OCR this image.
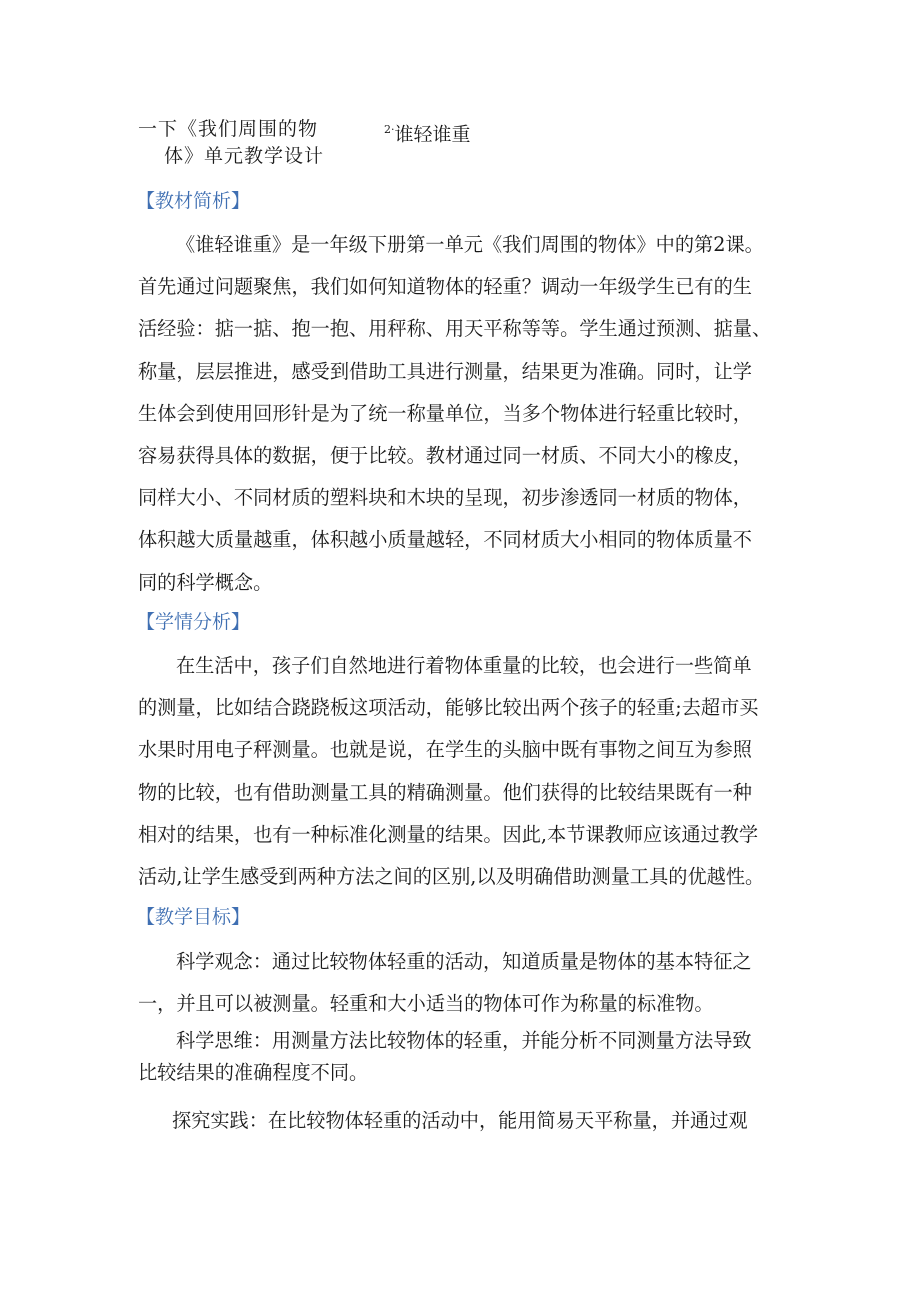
一下《我们周围的物
体》单元教学设计
$^{2\cdot}$谁轻谁重
【教材简析】
《谁轻谁重》是一年级下册第一单元《我们周围的物体》中的第2课。
首先通过问题聚焦，我们如何知道物体的轻重？调动一年级学生已有的生
活经验：掂一掂、抱一抱、用秤称、用天平称等等。学生通过预测、掂量、
称量，层层推进，感受到借助工具进行测量，结果更为准确。同时，让学
生体会到使用回形针是为了统一称量单位，当多个物体进行轻重比较时，
容易获得具体的数据，便于比较。教材通过同一材质、不同大小的橡皮，
同样大小、不同材质的塑料块和木块的呈现，初步渗透同一材质的物体，
体积越大质量越重，体积越小质量越轻，不同材质大小相同的物体质量不
同的科学概念。
【学情分析】
在生活中，孩子们自然地进行着物体重量的比较，也会进行一些简单
的测量，比如结合跷跷板这项活动，能够比较出两个孩子的轻重;去超市买
水果时用电子秤测量。也就是说，在学生的头脑中既有事物之间互为参照
物的比较，也有借助测量工具的精确测量。他们获得的比较结果既有一种
相对的结果，也有一种标准化测量的结果。因此,本节课教师应该通过教学
活动,让学生感受到两种方法之间的区别,以及明确借助测量工具的优越性。
【教学目标】
科学观念：通过比较物体轻重的活动，知道质量是物体的基本特征之
一，并且可以被测量。轻重和大小适当的物体可作为称量的标准物。
科学思维：用测量方法比较物体的轻重，并能分析不同测量方法导致
比较结果的准确程度不同。
探究实践：在比较物体轻重的活动中，能用简易天平称量，并通过观
